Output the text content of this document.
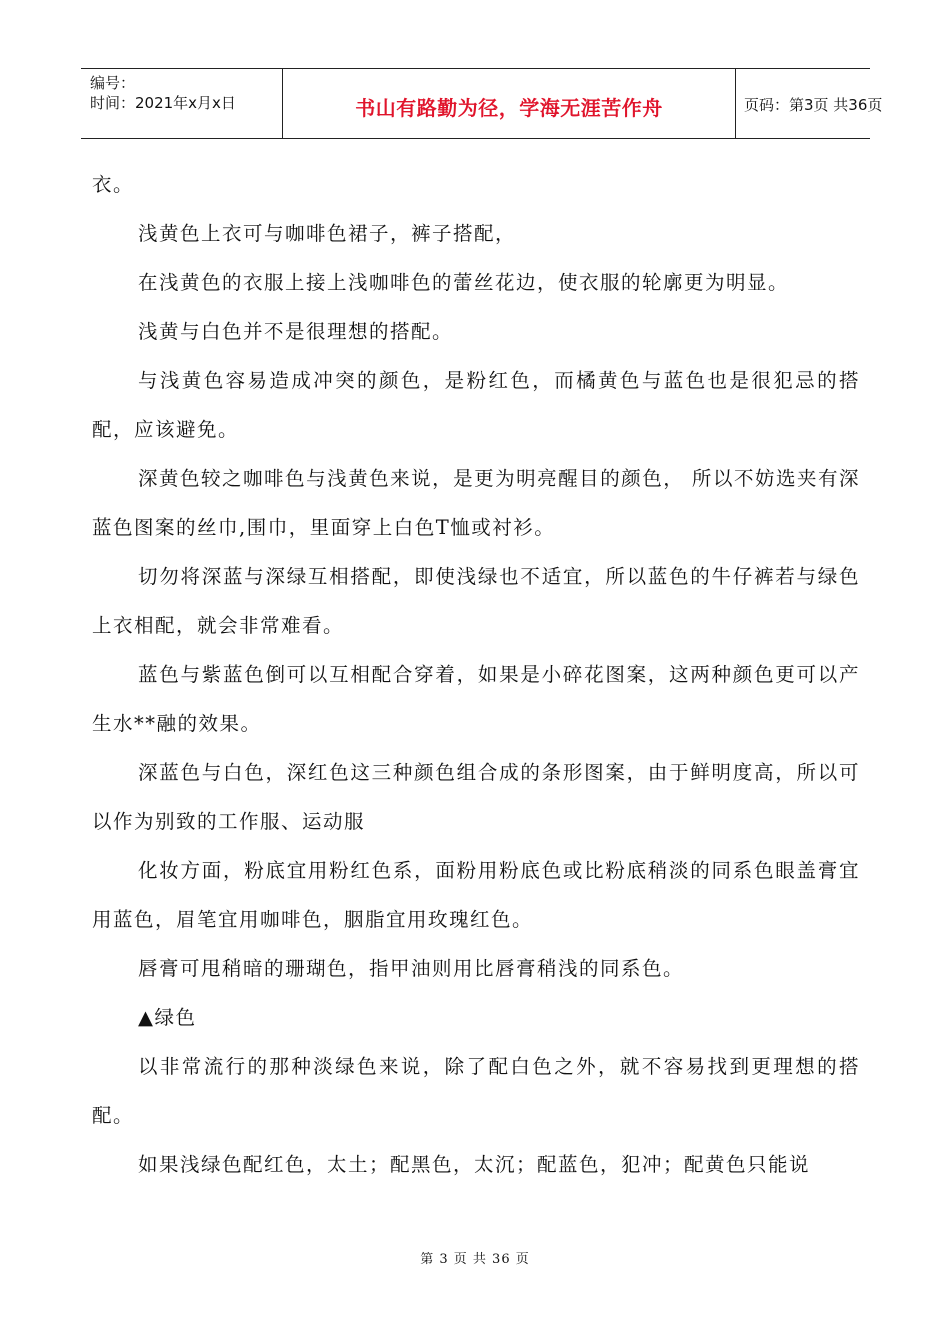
编号：
时间：2021年x月x日	书山有路勤为径，学海无涯苦作舟	页码：第3页 共36页

衣。

浅黄色上衣可与咖啡色裙子，裤子搭配，

在浅黄色的衣服上接上浅咖啡色的蕾丝花边，使衣服的轮廓更为明显。

浅黄与白色并不是很理想的搭配。

与浅黄色容易造成冲突的颜色，是粉红色，而橘黄色与蓝色也是很犯忌的搭配，应该避免。

深黄色较之咖啡色与浅黄色来说，是更为明亮醒目的颜色， 所以不妨选夹有深蓝色图案的丝巾,围巾，里面穿上白色T恤或衬衫。

切勿将深蓝与深绿互相搭配，即使浅绿也不适宜，所以蓝色的牛仔裤若与绿色上衣相配，就会非常难看。

蓝色与紫蓝色倒可以互相配合穿着，如果是小碎花图案，这两种颜色更可以产生水**融的效果。

深蓝色与白色，深红色这三种颜色组合成的条形图案，由于鲜明度高，所以可以作为别致的工作服、运动服

化妆方面，粉底宜用粉红色系，面粉用粉底色或比粉底稍淡的同系色眼盖膏宜用蓝色，眉笔宜用咖啡色，胭脂宜用玫瑰红色。

唇膏可甩稍暗的珊瑚色，指甲油则用比唇膏稍浅的同系色。

▲绿色

以非常流行的那种淡绿色来说，除了配白色之外，就不容易找到更理想的搭配。

如果浅绿色配红色，太土；配黑色，太沉；配蓝色，犯冲；配黄色只能说

第 3 页 共 36 页
